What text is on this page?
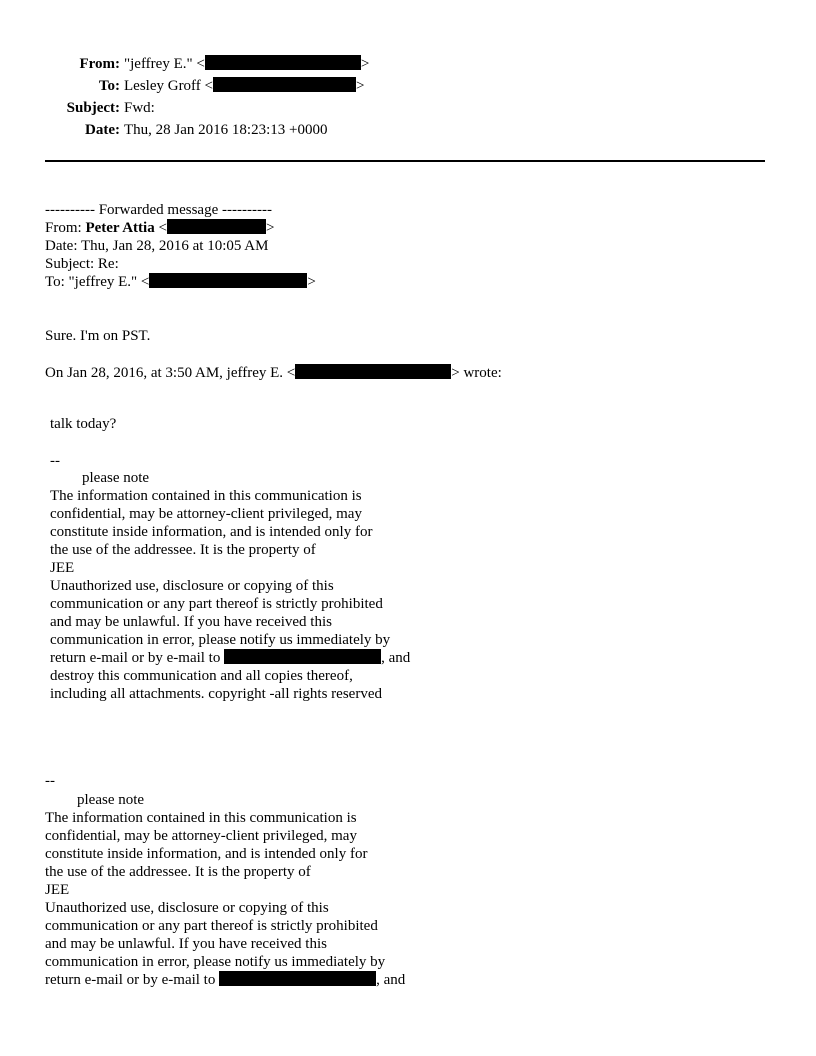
From: "jeffrey E." <	>
To: Lesley Groff <	>
Subject: Fwd:
Date: Thu, 28 Jan 2016 18:23:13 +0000
---------- Forwarded message ----------
From: Peter Attia <	>
Date: Thu, Jan 28, 2016 at 10:05 AM
Subject: Re:
To: "jeffrey E." <	>
Sure. I'm on PST.
On Jan 28, 2016, at 3:50 AM, jeffrey E. <	> wrote:
talk today?
--
please note
The information contained in this communication is
confidential, may be attorney-client privileged, may
constitute inside information, and is intended only for
the use of the addressee. It is the property of
JEE
Unauthorized use, disclosure or copying of this
communication or any part thereof is strictly prohibited
and may be unlawful. If you have received this
communication in error, please notify us immediately by
return e-mail or by e-mail to	, and
destroy this communication and all copies thereof,
including all attachments. copyright -all rights reserved
--
please note
The information contained in this communication is
confidential, may be attorney-client privileged, may
constitute inside information, and is intended only for
the use of the addressee. It is the property of
JEE
Unauthorized use, disclosure or copying of this
communication or any part thereof is strictly prohibited
and may be unlawful. If you have received this
communication in error, please notify us immediately by
return e-mail or by e-mail to	, and
